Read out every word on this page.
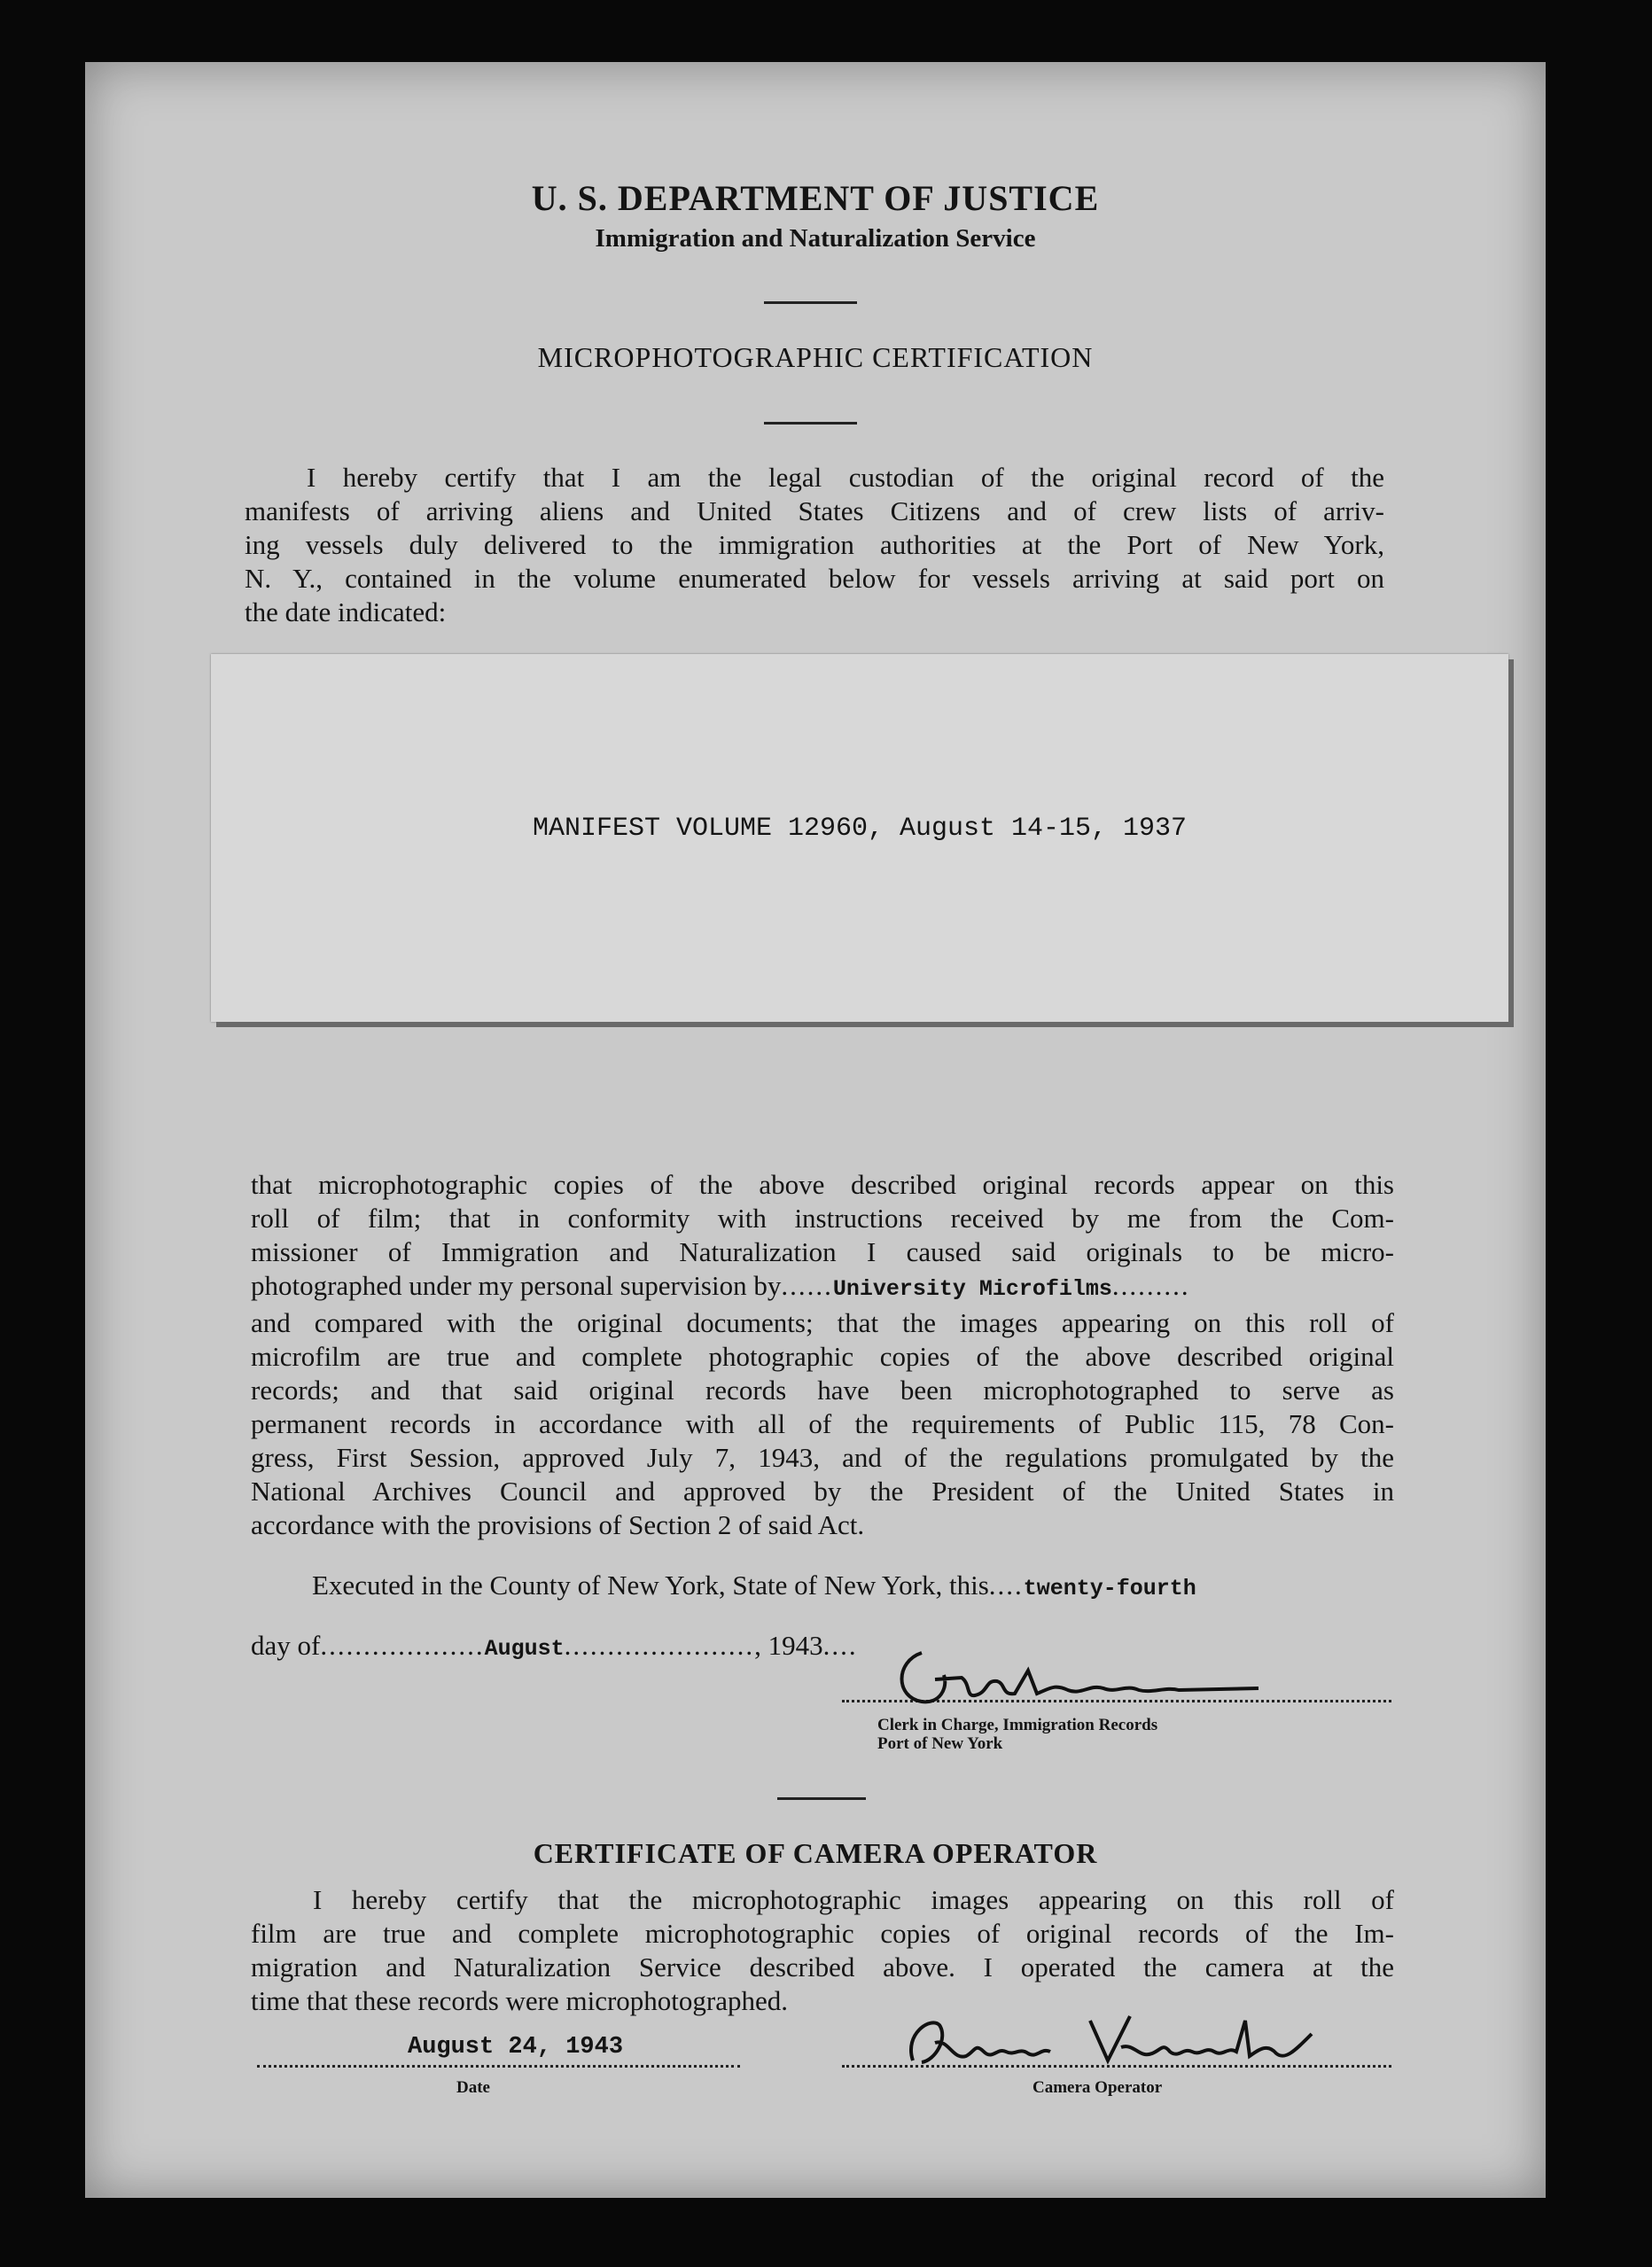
U. S. DEPARTMENT OF JUSTICE
Immigration and Naturalization Service
MICROPHOTOGRAPHIC CERTIFICATION
I hereby certify that I am the legal custodian of the original record of the
manifests of arriving aliens and United States Citizens and of crew lists of arriv-
ing vessels duly delivered to the immigration authorities at the Port of New York,
N. Y., contained in the volume enumerated below for vessels arriving at said port on
the date indicated:
MANIFEST VOLUME 12960, August 14-15, 1937
that microphotographic copies of the above described original records appear on this
roll of film; that in conformity with instructions received by me from the Com-
missioner of Immigration and Naturalization I caused said originals to be micro-
photographed under my personal supervision by......University Microfilms.........
and compared with the original documents; that the images appearing on this roll of
microfilm are true and complete photographic copies of the above described original
records; and that said original records have been microphotographed to serve as
permanent records in accordance with all of the requirements of Public 115, 78 Con-
gress, First Session, approved July 7, 1943, and of the regulations promulgated by the
National Archives Council and approved by the President of the United States in
accordance with the provisions of Section 2 of said Act.
Executed in the County of New York, State of New York, this....twenty-fourth
day of...................August......................, 1943....
Clerk in Charge, Immigration Records
Port of New York
CERTIFICATE OF CAMERA OPERATOR
I hereby certify that the microphotographic images appearing on this roll of
film are true and complete microphotographic copies of original records of the Im-
migration and Naturalization Service described above. I operated the camera at the
time that these records were microphotographed.
August 24, 1943
Date	Camera Operator
